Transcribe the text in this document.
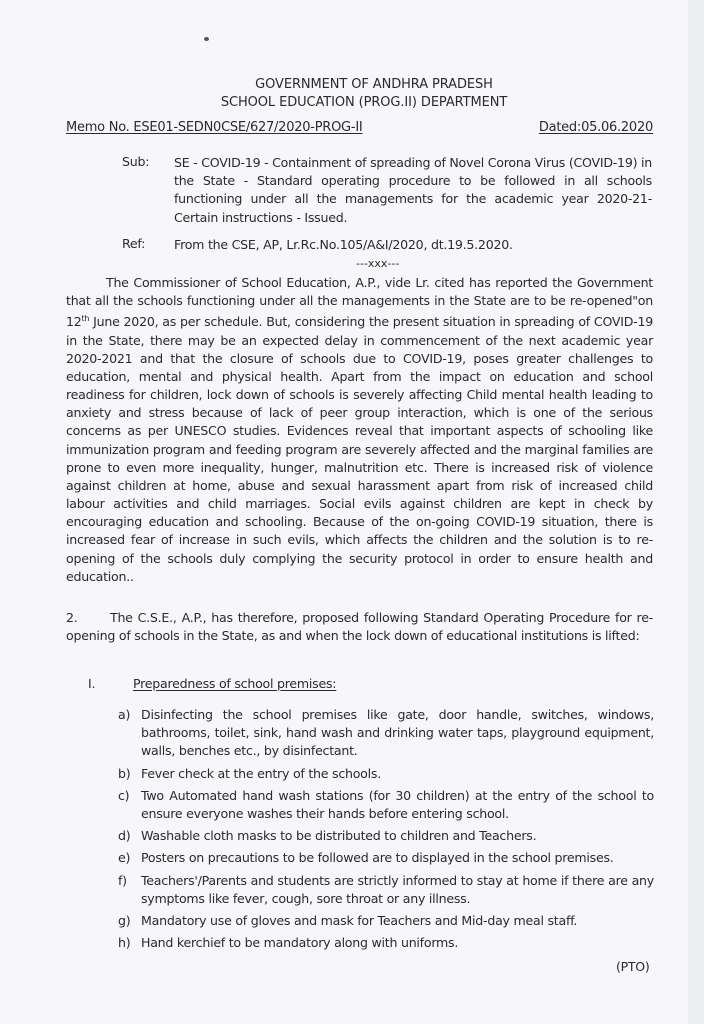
GOVERNMENT OF ANDHRA PRADESH
SCHOOL EDUCATION (PROG.II) DEPARTMENT
Memo No. ESE01-SEDN0CSE/627/2020-PROG-II	Dated:05.06.2020
Sub:	SE - COVID-19 - Containment of spreading of Novel Corona Virus (COVID-19) in the State - Standard operating procedure to be followed in all schools functioning under all the managements for the academic year 2020-21- Certain instructions - Issued.
Ref:	From the CSE, AP, Lr.Rc.No.105/A&I/2020, dt.19.5.2020.
---xxx---
The Commissioner of School Education, A.P., vide Lr. cited has reported the Government that all the schools functioning under all the managements in the State are to be re-opened"on 12th June 2020, as per schedule. But, considering the present situation in spreading of COVID-19 in the State, there may be an expected delay in commencement of the next academic year 2020-2021 and that the closure of schools due to COVID-19, poses greater challenges to education, mental and physical health. Apart from the impact on education and school readiness for children, lock down of schools is severely affecting Child mental health leading to anxiety and stress because of lack of peer group interaction, which is one of the serious concerns as per UNESCO studies. Evidences reveal that important aspects of schooling like immunization program and feeding program are severely affected and the marginal families are prone to even more inequality, hunger, malnutrition etc. There is increased risk of violence against children at home, abuse and sexual harassment apart from risk of increased child labour activities and child marriages. Social evils against children are kept in check by encouraging education and schooling. Because of the on-going COVID-19 situation, there is increased fear of increase in such evils, which affects the children and the solution is to re-opening of the schools duly complying the security protocol in order to ensure health and education..
2.	The C.S.E., A.P., has therefore, proposed following Standard Operating Procedure for re-opening of schools in the State, as and when the lock down of educational institutions is lifted:
I.	Preparedness of school premises:
a) Disinfecting the school premises like gate, door handle, switches, windows, bathrooms, toilet, sink, hand wash and drinking water taps, playground equipment, walls, benches etc., by disinfectant.
b) Fever check at the entry of the schools.
c) Two Automated hand wash stations (for 30 children) at the entry of the school to ensure everyone washes their hands before entering school.
d) Washable cloth masks to be distributed to children and Teachers.
e) Posters on precautions to be followed are to displayed in the school premises.
f)	Teachers'/Parents and students are strictly informed to stay at home if there are any symptoms like fever, cough, sore throat or any illness.
g) Mandatory use of gloves and mask for Teachers and Mid-day meal staff.
h) Hand kerchief to be mandatory along with uniforms.
(PTO)
